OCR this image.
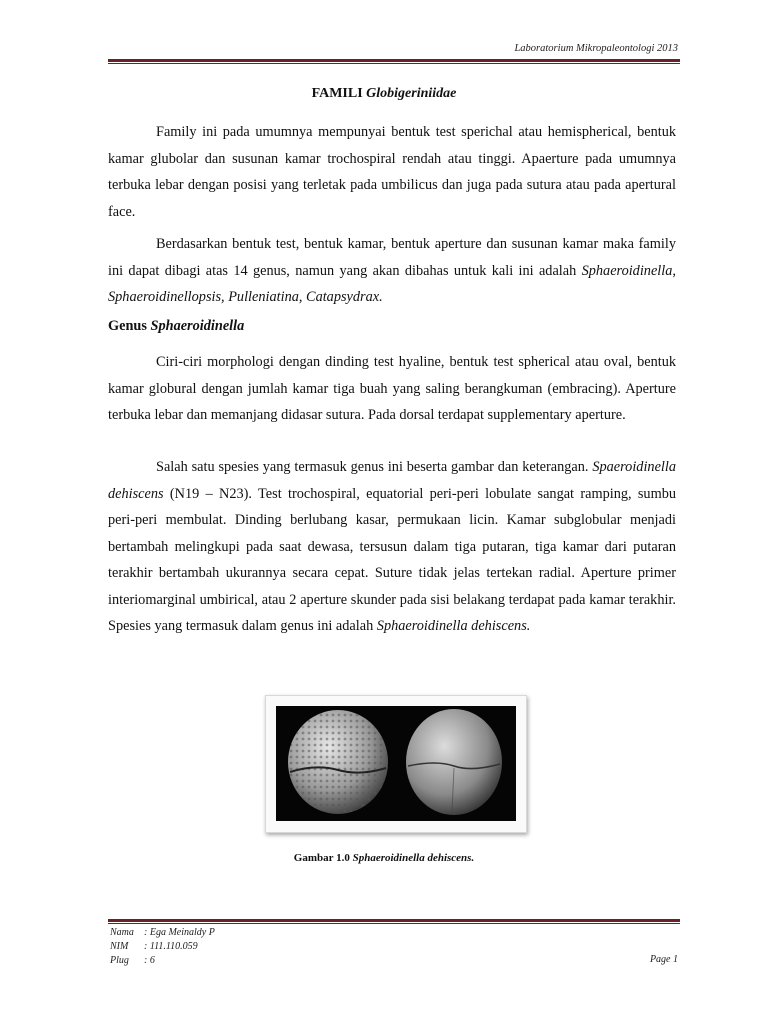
Laboratorium Mikropaleontologi 2013
FAMILI Globigeriniidae
Family ini pada umumnya mempunyai bentuk test sperichal atau hemispherical, bentuk kamar glubolar dan susunan kamar trochospiral rendah atau tinggi. Apaerture pada umumnya terbuka lebar dengan posisi yang terletak pada umbilicus dan juga pada sutura atau pada apertural face.
Berdasarkan bentuk test, bentuk kamar, bentuk aperture dan susunan kamar maka family ini dapat dibagi atas 14 genus, namun yang akan dibahas untuk kali ini adalah Sphaeroidinella, Sphaeroidinellopsis, Pulleniatina, Catapsydrax.
Genus Sphaeroidinella
Ciri-ciri morphologi dengan dinding test hyaline, bentuk test spherical atau oval, bentuk kamar globural dengan jumlah kamar tiga buah yang saling berangkuman (embracing). Aperture terbuka lebar dan memanjang didasar sutura. Pada dorsal terdapat supplementary aperture.
Salah satu spesies yang termasuk genus ini beserta gambar dan keterangan. Spaeroidinella dehiscens (N19 – N23). Test trochospiral, equatorial peri-peri lobulate sangat ramping, sumbu peri-peri membulat. Dinding berlubang kasar, permukaan licin. Kamar subglobular menjadi bertambah melingkupi pada saat dewasa, tersusun dalam tiga putaran, tiga kamar dari putaran terakhir bertambah ukurannya secara cepat. Suture tidak jelas tertekan radial. Aperture primer interiomarginal umbirical, atau 2 aperture skunder pada sisi belakang terdapat pada kamar terakhir. Spesies yang termasuk dalam genus ini adalah Sphaeroidinella dehiscens.
Gambar 1.0 Sphaeroidinella dehiscens.
Nama : Ega Meinaldy P
NIM : 111.110.059
Plug : 6	Page 1
